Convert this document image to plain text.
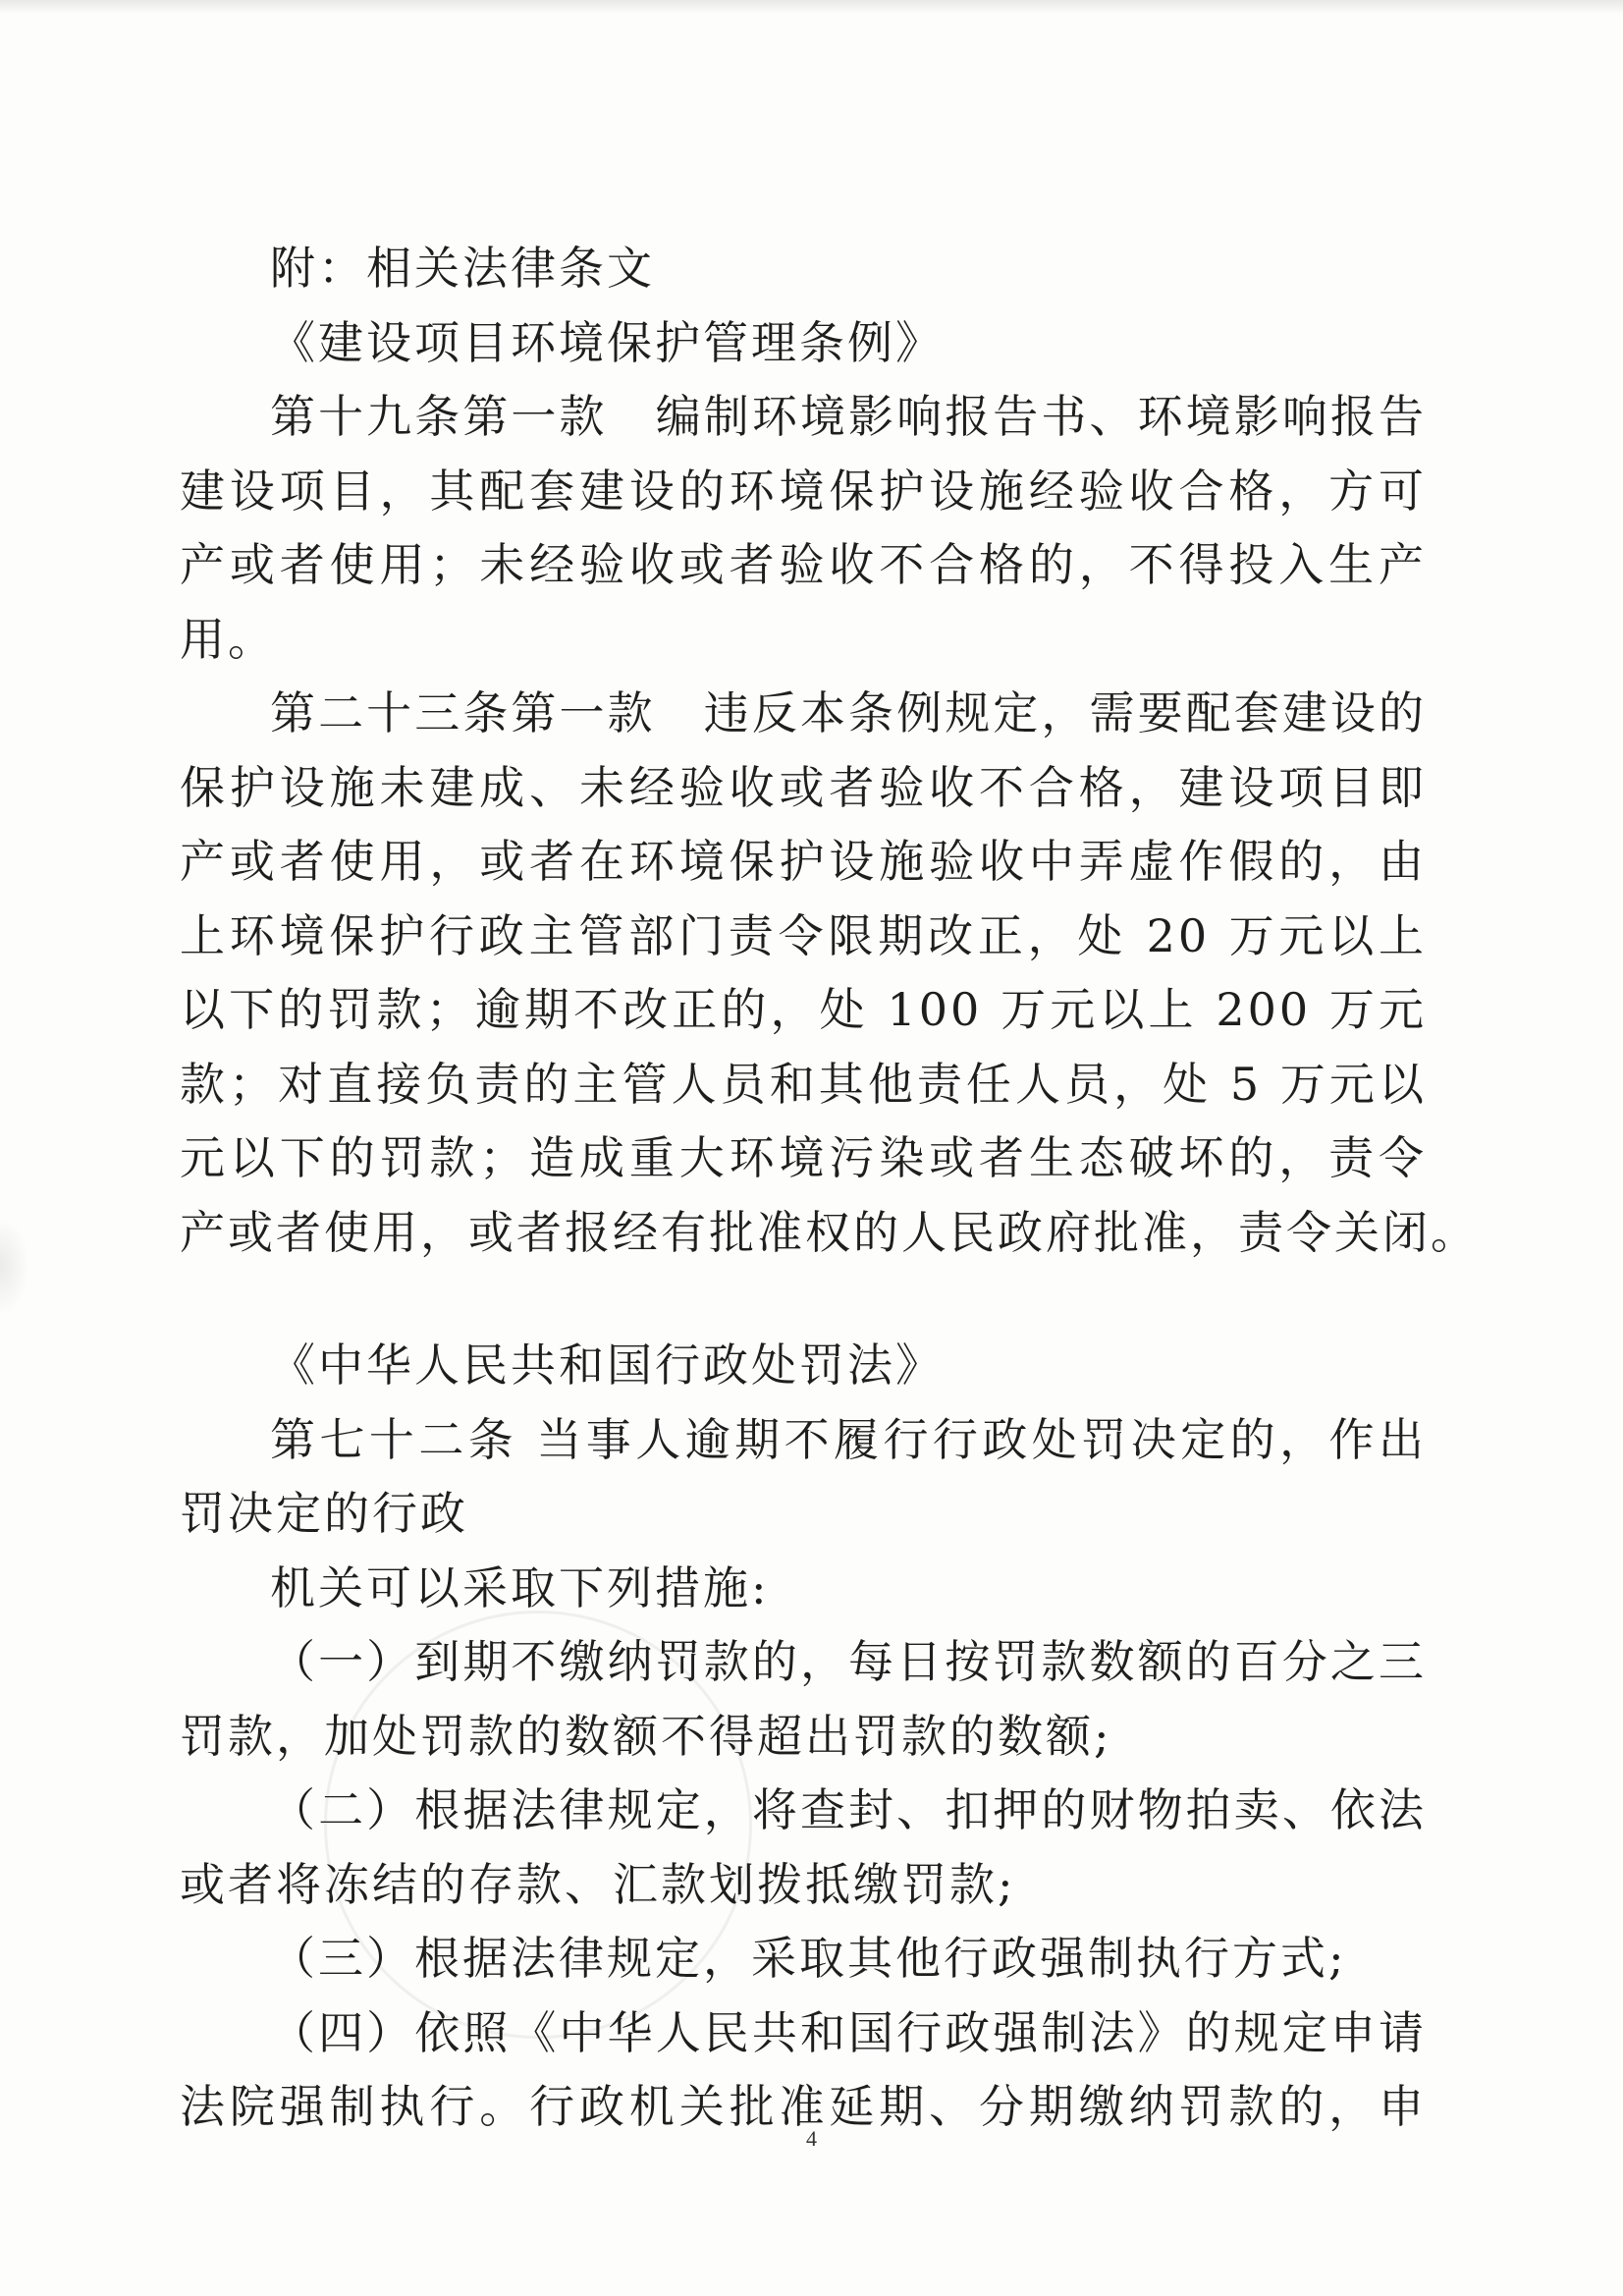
附：相关法律条文
《建设项目环境保护管理条例》
第十九条第一款　编制环境影响报告书、环境影响报告
建设项目，其配套建设的环境保护设施经验收合格，方可
产或者使用；未经验收或者验收不合格的，不得投入生产
用。
第二十三条第一款　违反本条例规定，需要配套建设的
保护设施未建成、未经验收或者验收不合格，建设项目即
产或者使用，或者在环境保护设施验收中弄虚作假的，由
上环境保护行政主管部门责令限期改正，处 20 万元以上
以下的罚款；逾期不改正的，处 100 万元以上 200 万元
款；对直接负责的主管人员和其他责任人员，处 5 万元以
元以下的罚款；造成重大环境污染或者生态破坏的，责令
产或者使用，或者报经有批准权的人民政府批准，责令关闭。
《中华人民共和国行政处罚法》
第七十二条 当事人逾期不履行行政处罚决定的，作出
罚决定的行政
机关可以采取下列措施:
（一）到期不缴纳罚款的，每日按罚款数额的百分之三
罚款，加处罚款的数额不得超出罚款的数额;
（二）根据法律规定，将查封、扣押的财物拍卖、依法
或者将冻结的存款、汇款划拨抵缴罚款;
（三）根据法律规定，采取其他行政强制执行方式;
（四）依照《中华人民共和国行政强制法》的规定申请
法院强制执行。行政机关批准延期、分期缴纳罚款的，申
4
